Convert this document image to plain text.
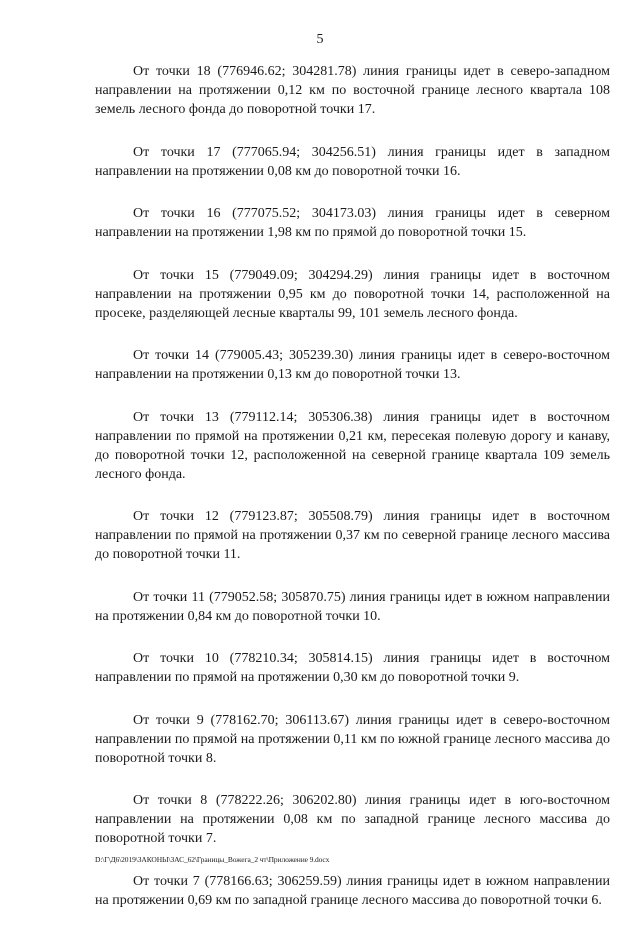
5

От точки 18 (776946.62; 304281.78) линия границы идет в северо-западном направлении на протяжении 0,12 км по восточной границе лесного квартала 108 земель лесного фонда до поворотной точки 17.

От точки 17 (777065.94; 304256.51) линия границы идет в западном направлении на протяжении 0,08 км до поворотной точки 16.

От точки 16 (777075.52; 304173.03) линия границы идет в северном направлении на протяжении 1,98 км по прямой до поворотной точки 15.

От точки 15 (779049.09; 304294.29) линия границы идет в восточном направлении на протяжении 0,95 км до поворотной точки 14, расположенной на просеке, разделяющей лесные кварталы 99, 101 земель лесного фонда.

От точки 14 (779005.43; 305239.30) линия границы идет в северо-восточном направлении на протяжении 0,13 км до поворотной точки 13.

От точки 13 (779112.14; 305306.38) линия границы идет в восточном направлении по прямой на протяжении 0,21 км, пересекая полевую дорогу и канаву, до поворотной точки 12, расположенной на северной границе квартала 109 земель лесного фонда.

От точки 12 (779123.87; 305508.79) линия границы идет в восточном направлении по прямой на протяжении 0,37 км по северной границе лесного массива до поворотной точки 11.

От точки 11 (779052.58; 305870.75) линия границы идет в южном направлении на протяжении 0,84 км до поворотной точки 10.

От точки 10 (778210.34; 305814.15) линия границы идет в восточном направлении по прямой на протяжении 0,30 км до поворотной точки 9.

От точки 9 (778162.70; 306113.67) линия границы идет в северо-восточном направлении по прямой на протяжении 0,11 км по южной границе лесного массива до поворотной точки 8.

От точки 8 (778222.26; 306202.80) линия границы идет в юго-восточном направлении на протяжении 0,08 км по западной границе лесного массива до поворотной точки 7.

От точки 7 (778166.63; 306259.59) линия границы идет в южном направлении на протяжении 0,69 км по западной границе лесного массива до поворотной точки 6.

D:\Г\Д6\2019\ЗАКОНЫ\ЗАС_62\Границы_Вожега_2 чт\Приложение 9.docx
